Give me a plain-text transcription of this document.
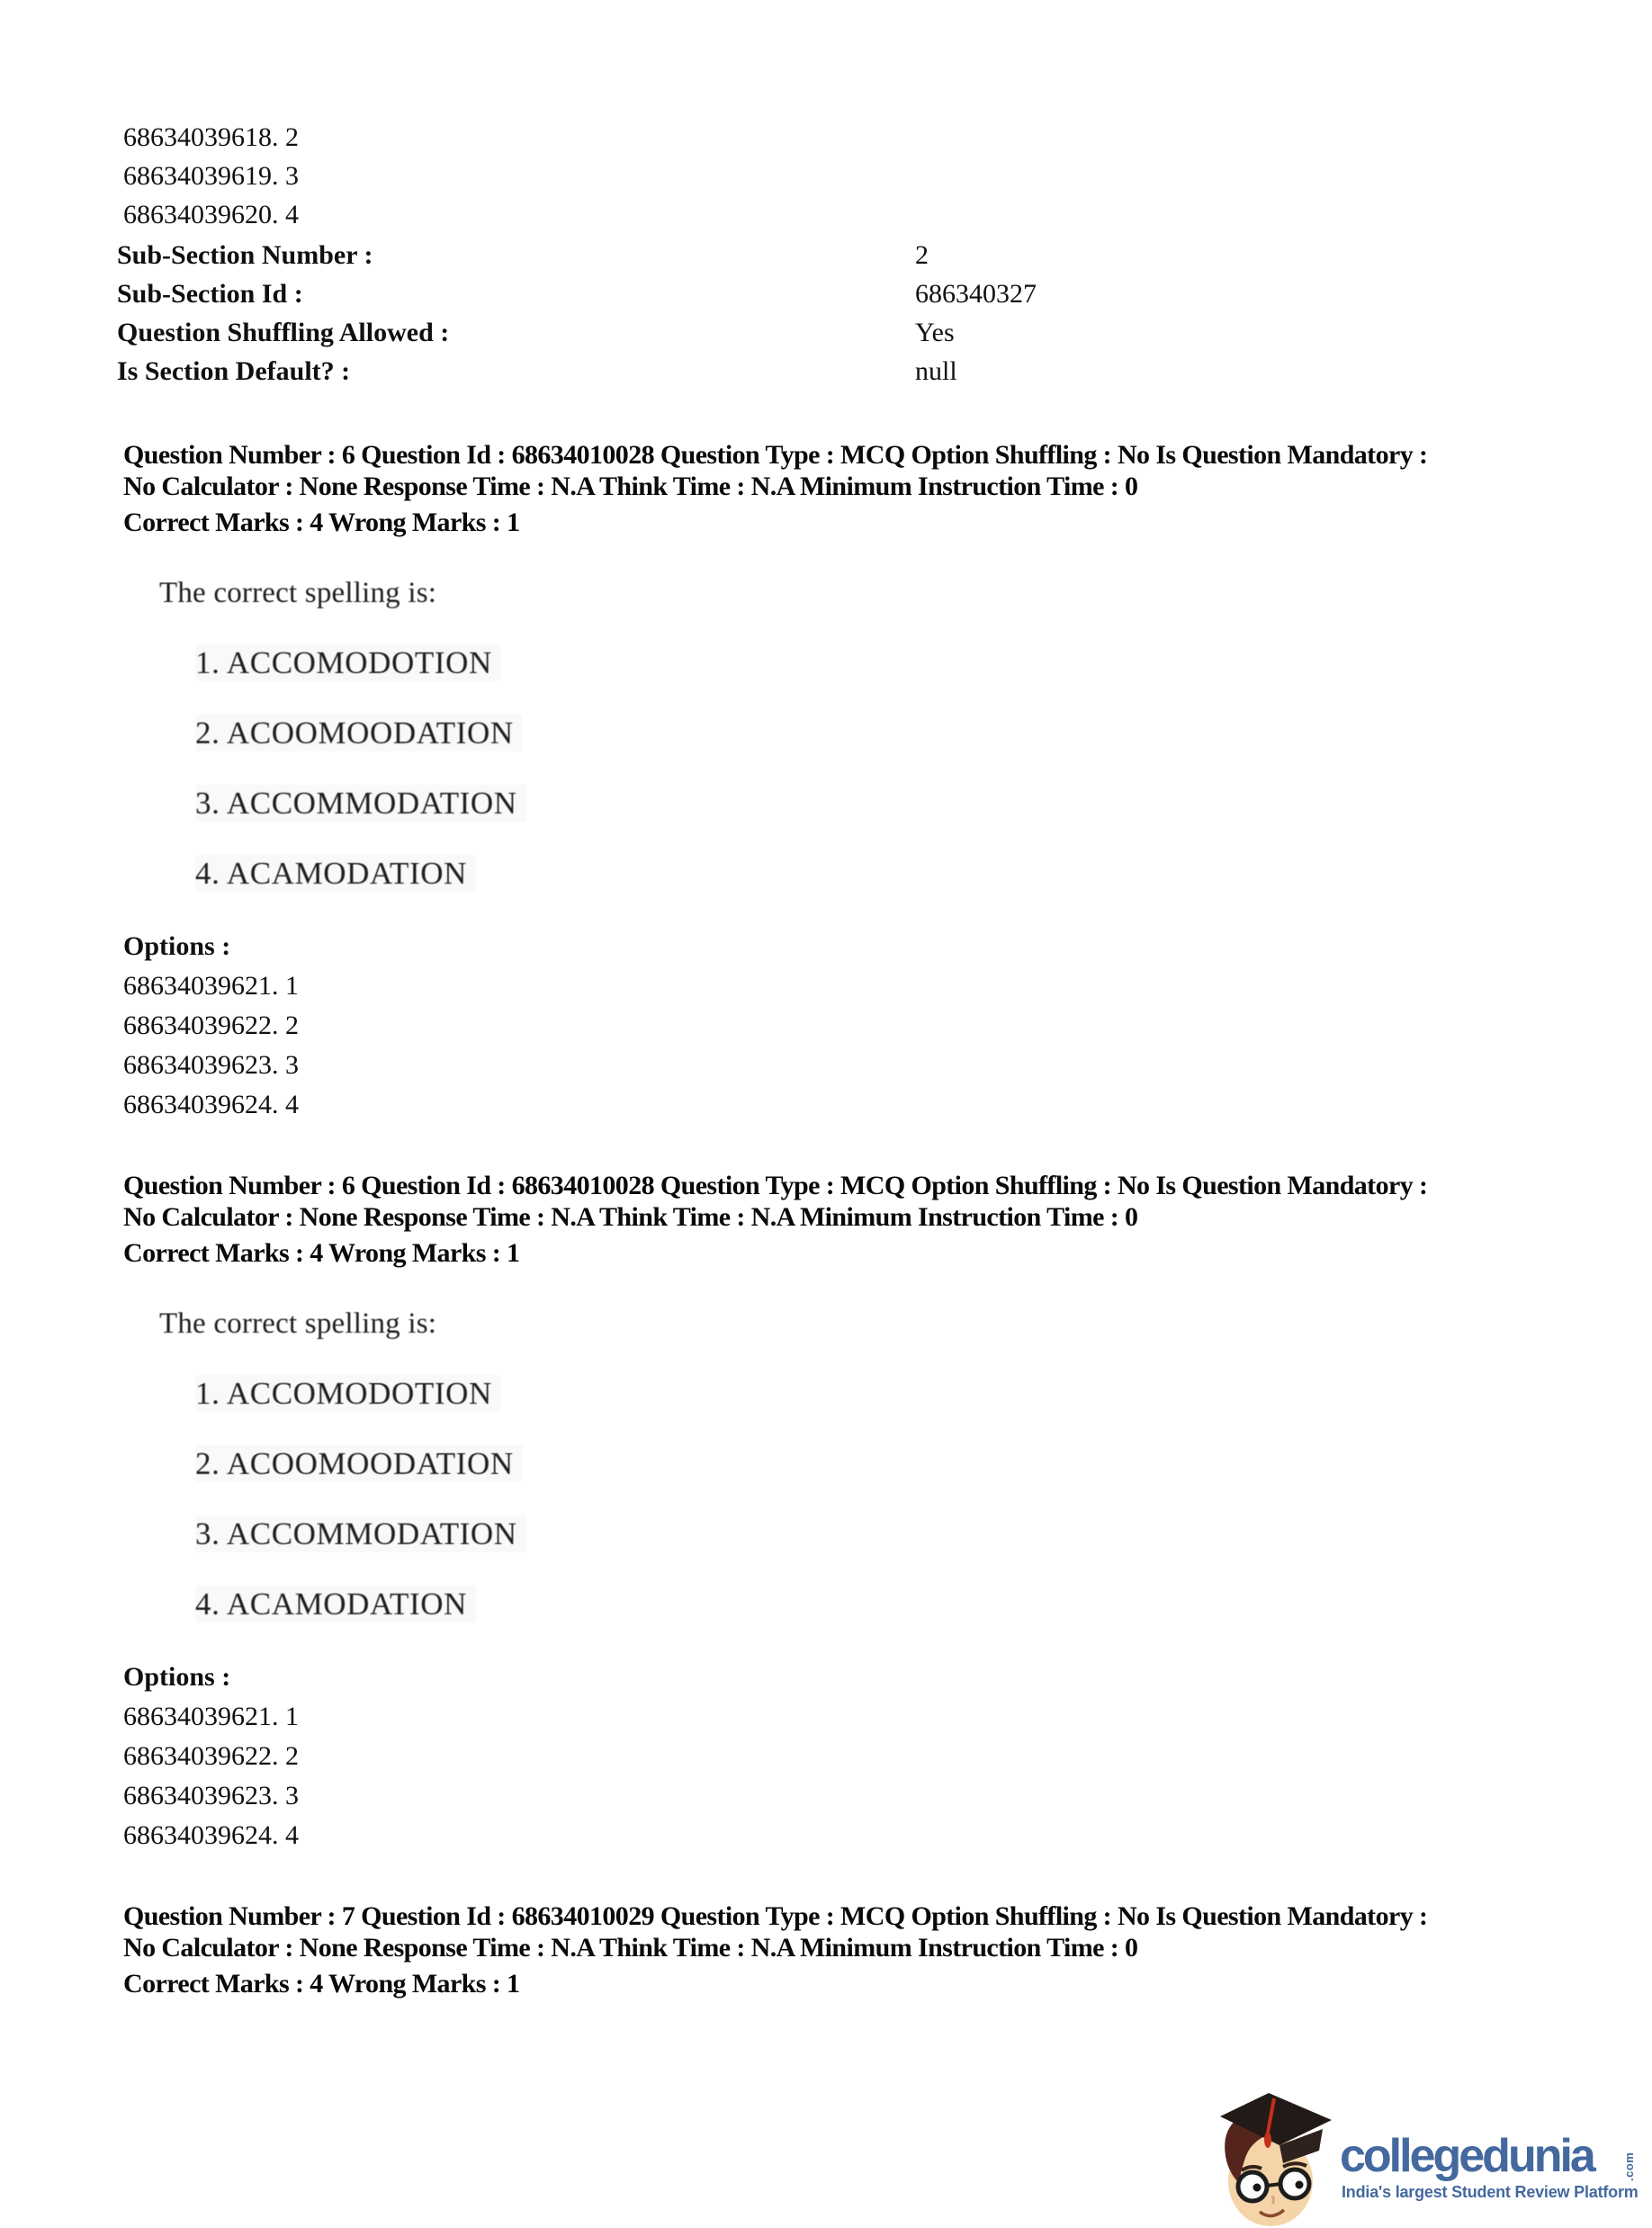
68634039618. 2
68634039619. 3
68634039620. 4
Sub-Section Number :	2
Sub-Section Id :	686340327
Question Shuffling Allowed :	Yes
Is Section Default? :	null
Question Number : 6 Question Id : 68634010028 Question Type : MCQ Option Shuffling : No Is Question Mandatory :
No Calculator : None Response Time : N.A Think Time : N.A Minimum Instruction Time : 0
Correct Marks : 4 Wrong Marks : 1
The correct spelling is:
1. ACCOMODOTION
2. ACOOMOODATION
3. ACCOMMODATION
4. ACAMODATION
Options :
68634039621. 1
68634039622. 2
68634039623. 3
68634039624. 4
Question Number : 6 Question Id : 68634010028 Question Type : MCQ Option Shuffling : No Is Question Mandatory :
No Calculator : None Response Time : N.A Think Time : N.A Minimum Instruction Time : 0
Correct Marks : 4 Wrong Marks : 1
The correct spelling is:
1. ACCOMODOTION
2. ACOOMOODATION
3. ACCOMMODATION
4. ACAMODATION
Options :
68634039621. 1
68634039622. 2
68634039623. 3
68634039624. 4
Question Number : 7 Question Id : 68634010029 Question Type : MCQ Option Shuffling : No Is Question Mandatory :
No Calculator : None Response Time : N.A Think Time : N.A Minimum Instruction Time : 0
Correct Marks : 4 Wrong Marks : 1
collegedunia .com
India's largest Student Review Platform
